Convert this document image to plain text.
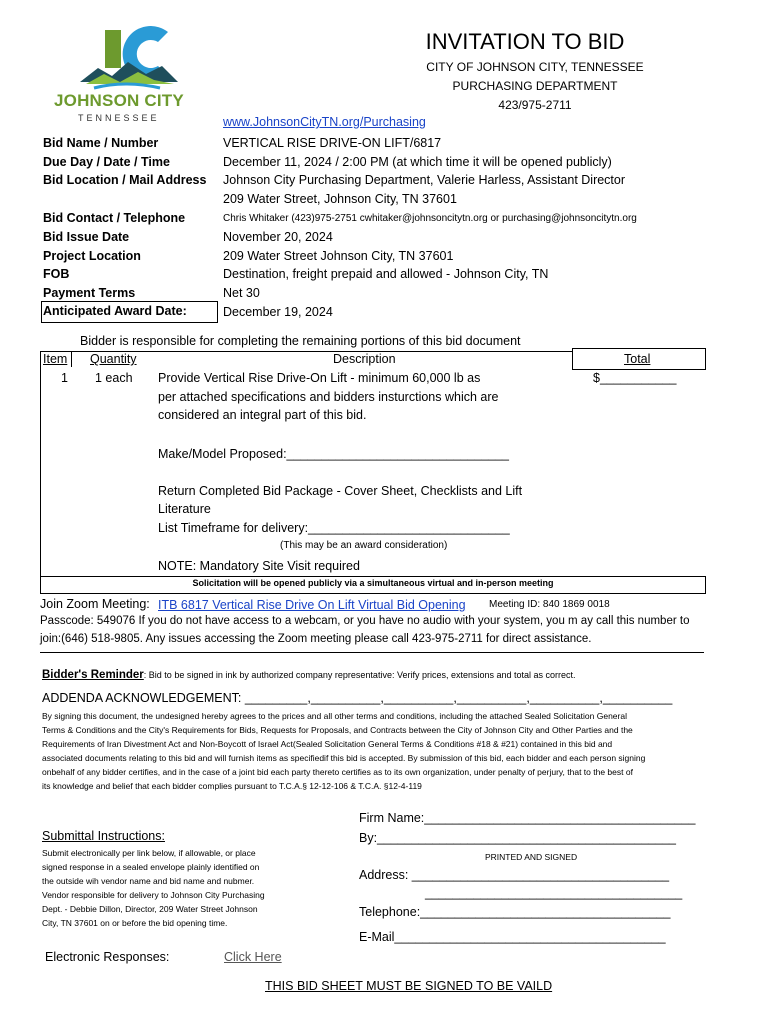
JOHNSON CITY
TENNESSEE
INVITATION TO BID
CITY OF JOHNSON CITY, TENNESSEE
PURCHASING DEPARTMENT
423/975-2711
www.JohnsonCityTN.org/Purchasing
Bid Name / Number	VERTICAL RISE DRIVE-ON LIFT/6817
Due Day / Date / Time	December 11, 2024 / 2:00 PM (at which time it will be opened publicly)
Bid Location / Mail Address Johnson City Purchasing Department, Valerie Harless, Assistant Director
209 Water Street, Johnson City, TN 37601
Bid Contact / Telephone	Chris Whitaker (423)975-2751 cwhitaker@johnsoncitytn.org or purchasing@johnsoncitytn.org
Bid Issue Date	November 20, 2024
Project Location	209 Water Street Johnson City, TN 37601
FOB	Destination, freight prepaid and allowed - Johnson City, TN
Payment Terms	Net 30
Anticipated Award Date:	December 19, 2024
Bidder is responsible for completing the remaining portions of this bid document
Item Quantity	Description	Total
1 1 each Provide Vertical Rise Drive-On Lift - minimum 60,000 lb as	$___________
per attached specifications and bidders insturctions which are
considered an integral part of this bid.
Make/Model Proposed:________________________________
Return Completed Bid Package - Cover Sheet, Checklists and Lift
Literature
List Timeframe for delivery:_____________________________
(This may be an award consideration)
NOTE: Mandatory Site Visit required
Solicitation will be opened publicly via a simultaneous virtual and in-person meeting
Join Zoom Meeting: ITB 6817 Vertical Rise Drive On Lift Virtual Bid Opening Meeting ID: 840 1869 0018
Passcode: 549076 If you do not have access to a webcam, or you have no audio with your system, you m ay call this number to
join:(646) 518-9805. Any issues accessing the Zoom meeting please call 423-975-2711 for direct assistance.
Bidder's Reminder: Bid to be signed in ink by authorized company representative: Verify prices, extensions and total as correct.
ADDENDA ACKNOWLEDGEMENT: _________,__________,__________,__________,__________,__________
By signing this document, the undesigned hereby agrees to the prices and all other terms and conditions, including the attached Sealed Solicitation General
Terms & Conditions and the City's Requirements for Bids, Requests for Proposals, and Contracts between the City of Johnson City and Other Parties and the
Requirements of Iran Divestment Act and Non-Boycott of Israel Act(Sealed Solicitation General Terms & Conditions #18 & #21) contained in this bid and
associated documents relating to this bid and will furnish items as specifiedif this bid is accepted. By submission of this bid, each bidder and each person signing
onbehalf of any bidder certifies, and in the case of a joint bid each party thereto certifies as to its own organization, under penalty of perjury, that to the best of
its knowledge and belief that each bidder complies pursuant to T.C.A.§ 12-12-106 & T.C.A. §12-4-119
Submittal Instructions:
Submit electronically per link below, if allowable, or place
signed response in a sealed envelope plainly identified on
the outside wih vendor name and bid name and nubmer.
Vendor responsible for delivery to Johnson City Purchasing
Dept. - Debbie Dillon, Director, 209 Water Street Johnson
City, TN 37601 on or before the bid opening time.
Firm Name:_______________________________________
By:___________________________________________
PRINTED AND SIGNED
Address: _____________________________________
_____________________________________
Telephone:____________________________________
E-Mail_______________________________________
Electronic Responses:	Click Here
THIS BID SHEET MUST BE SIGNED TO BE VAILD
